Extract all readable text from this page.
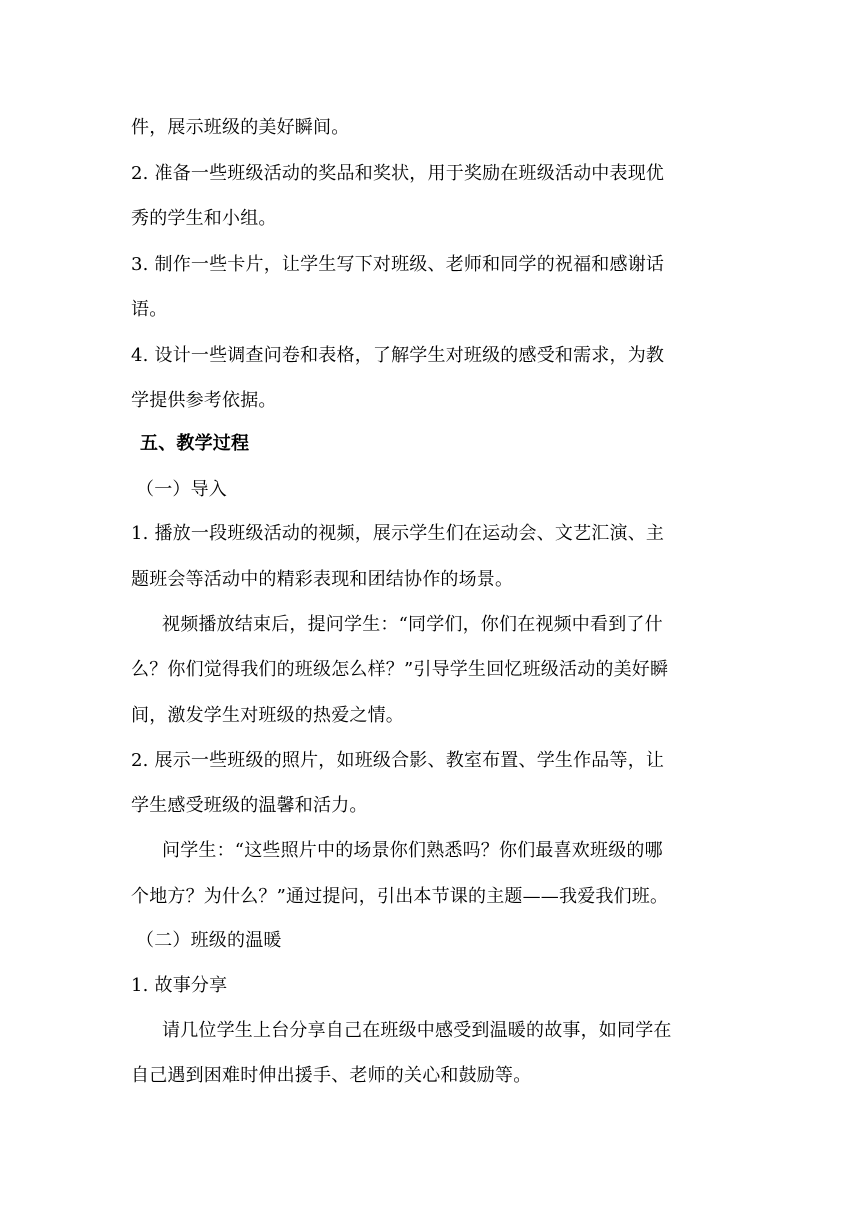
件，展示班级的美好瞬间。
2. 准备一些班级活动的奖品和奖状，用于奖励在班级活动中表现优
秀的学生和小组。
3. 制作一些卡片，让学生写下对班级、老师和同学的祝福和感谢话
语。
4. 设计一些调查问卷和表格，了解学生对班级的感受和需求，为教
学提供参考依据。
五、教学过程
（一）导入
1. 播放一段班级活动的视频，展示学生们在运动会、文艺汇演、主
题班会等活动中的精彩表现和团结协作的场景。
视频播放结束后，提问学生：“同学们，你们在视频中看到了什
么？你们觉得我们的班级怎么样？”引导学生回忆班级活动的美好瞬
间，激发学生对班级的热爱之情。
2. 展示一些班级的照片，如班级合影、教室布置、学生作品等，让
学生感受班级的温馨和活力。
问学生：“这些照片中的场景你们熟悉吗？你们最喜欢班级的哪
个地方？为什么？”通过提问，引出本节课的主题——我爱我们班。
（二）班级的温暖
1. 故事分享
请几位学生上台分享自己在班级中感受到温暖的故事，如同学在
自己遇到困难时伸出援手、老师的关心和鼓励等。
